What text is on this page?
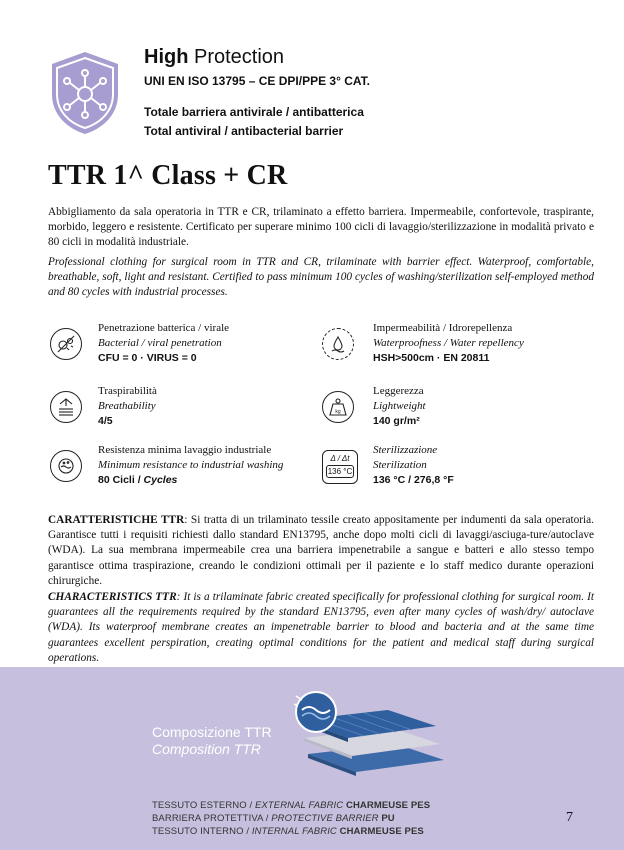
High Protection
UNI EN ISO 13795 – CE DPI/PPE 3° CAT.
Totale barriera antivirale / antibatterica
Total antiviral / antibacterial barrier
TTR 1^ Class + CR
Abbigliamento da sala operatoria in TTR e CR, trilaminato a effetto barriera. Impermeabile, confortevole, traspirante, morbido, leggero e resistente. Certificato per superare minimo 100 cicli di lavaggio/sterilizzazione in modalità privato e 80 cicli in modalità industriale.
Professional clothing for surgical room in TTR and CR, trilaminate with barrier effect. Waterproof, comfortable, breathable, soft, light and resistant. Certified to pass minimum 100 cycles of washing/sterilization self-employed method and 80 cycles with industrial processes.
Penetrazione batterica / virale
Bacterial / viral penetration
CFU = 0 · VIRUS = 0
Impermeabilità / Idrorepellenza
Waterproofness / Water repellency
HSH>500cm · EN 20811
Traspirabilità
Breathability
4/5
kg
Leggerezza
Lightweight
140 gr/m²
Resistenza minima lavaggio industriale
Minimum resistance to industrial washing
80 Cicli / Cycles
Δ / Δt
136 °C
Sterilizzazione
Sterilization
136 °C / 276,8 °F
CARATTERISTICHE TTR: Si tratta di un trilaminato tessile creato appositamente per indumenti da sala operatoria. Garantisce tutti i requisiti richiesti dallo standard EN13795, anche dopo molti cicli di lavaggi/asciuga-ture/autoclave (WDA). La sua membrana impermeabile crea una barriera impenetrabile a sangue e batteri e allo stesso tempo garantisce ottima traspirazione, creando le condizioni ottimali per il paziente e lo staff medico durante operazioni chirurgiche.
CHARACTERISTICS TTR: It is a trilaminate fabric created specifically for professional clothing for surgical room. It guarantees all the requirements required by the standard EN13795, even after many cycles of wash/dry/ autoclave (WDA). Its waterproof membrane creates an impenetrable barrier to blood and bacteria and at the same time guarantees excellent perspiration, creating optimal conditions for the patient and medical staff during surgical operations.
Composizione TTR
Composition TTR
TESSUTO ESTERNO / EXTERNAL FABRIC CHARMEUSE PES
BARRIERA PROTETTIVA / PROTECTIVE BARRIER PU
TESSUTO INTERNO / INTERNAL FABRIC CHARMEUSE PES
7
